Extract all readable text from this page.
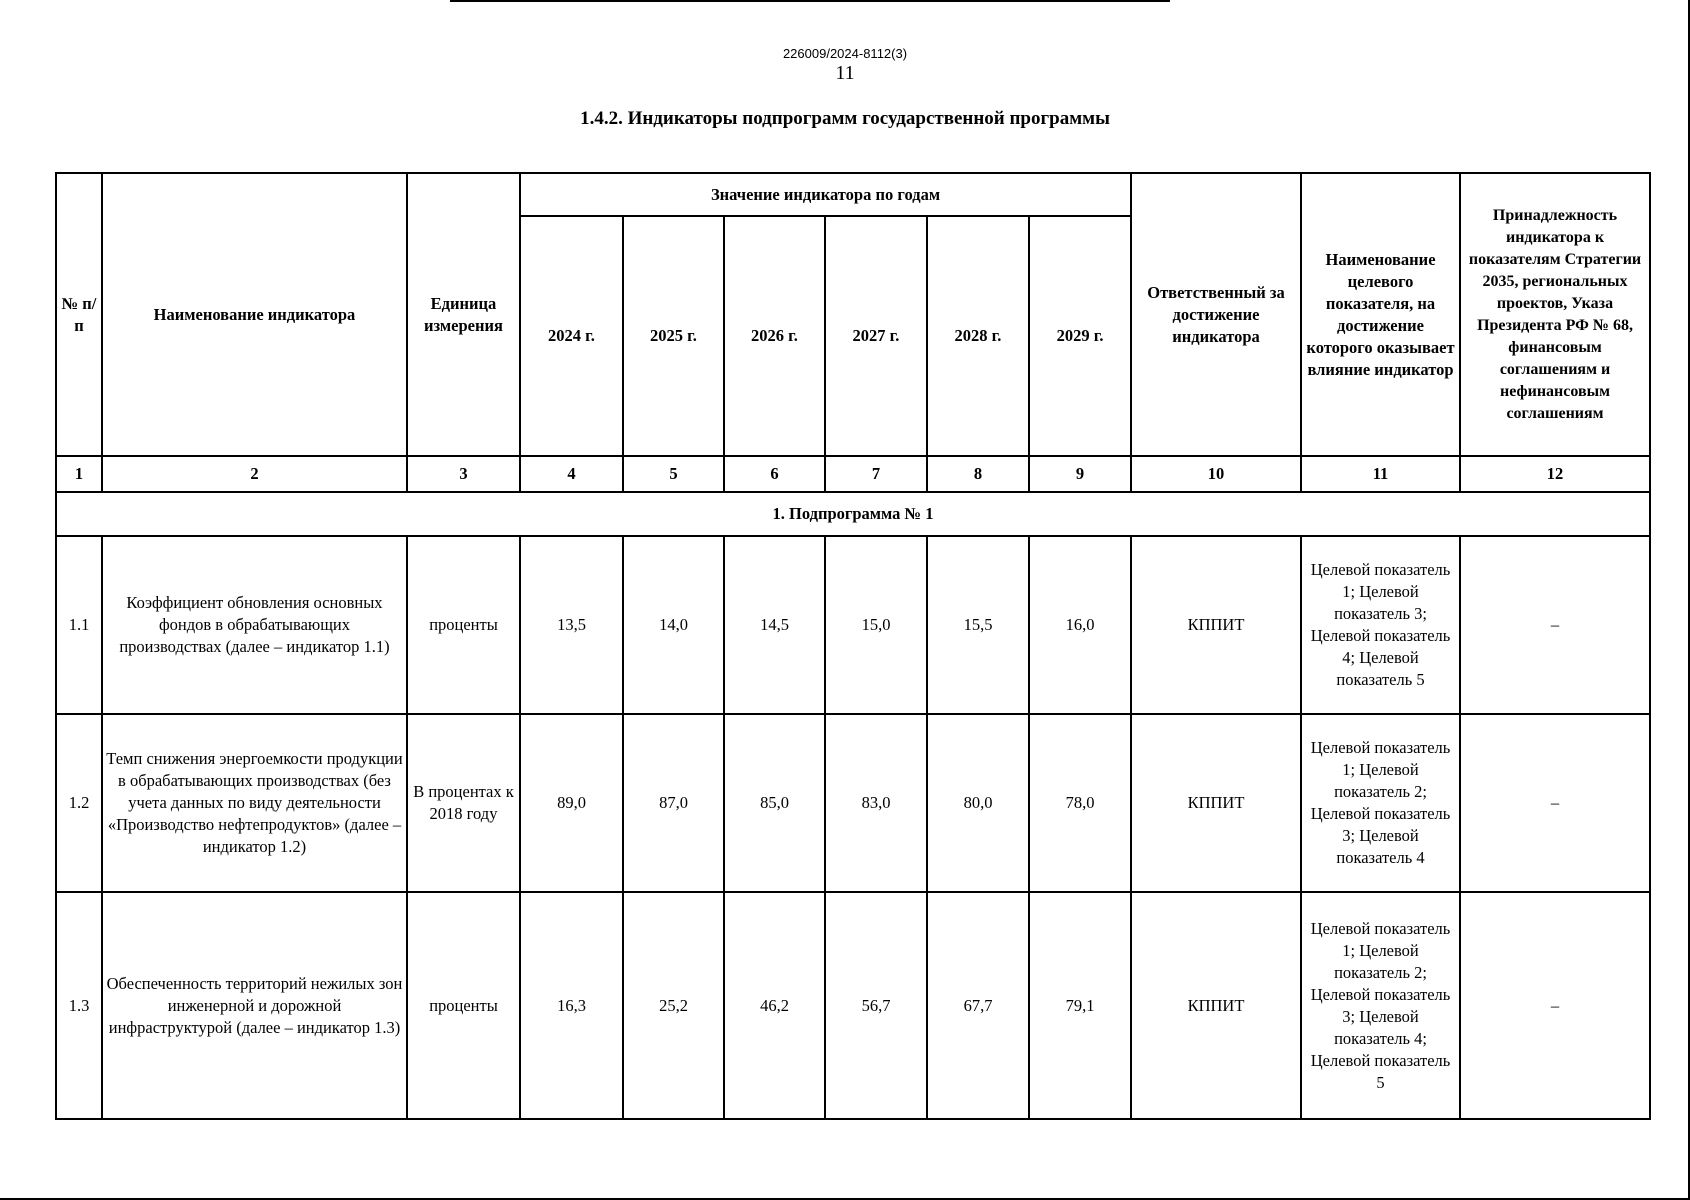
226009/2024-8112(3)
11
1.4.2. Индикаторы подпрограмм государственной программы
№ п/п	Наименование индикатора	Единица измерения	Значение индикатора по годам						Ответственный за достижение индикатора	Наименование целевого показателя, на достижение которого оказывает влияние индикатор	Принадлежность индикатора к показателям Стратегии 2035, региональных проектов, Указа Президента РФ № 68, финансовым соглашениям и нефинансовым соглашениям
			2024 г.	2025 г.	2026 г.	2027 г.	2028 г.	2029 г.			
1	2	3	4	5	6	7	8	9	10	11	12
1. Подпрограмма № 1											
1.1	Коэффициент обновления основных фондов в обрабатывающих производствах (далее – индикатор 1.1)	проценты	13,5	14,0	14,5	15,0	15,5	16,0	КППИТ	Целевой показатель 1; Целевой показатель 3; Целевой показатель 4; Целевой показатель 5	–
1.2	Темп снижения энергоемкости продукции в обрабатывающих производствах (без учета данных по виду деятельности «Производство нефтепродуктов» (далее – индикатор 1.2)	В процентах к 2018 году	89,0	87,0	85,0	83,0	80,0	78,0	КППИТ	Целевой показатель 1; Целевой показатель 2; Целевой показатель 3; Целевой показатель 4	–
1.3	Обеспеченность территорий нежилых зон инженерной и дорожной инфраструктурой (далее – индикатор 1.3)	проценты	16,3	25,2	46,2	56,7	67,7	79,1	КППИТ	Целевой показатель 1; Целевой показатель 2; Целевой показатель 3; Целевой показатель 4; Целевой показатель 5	–
